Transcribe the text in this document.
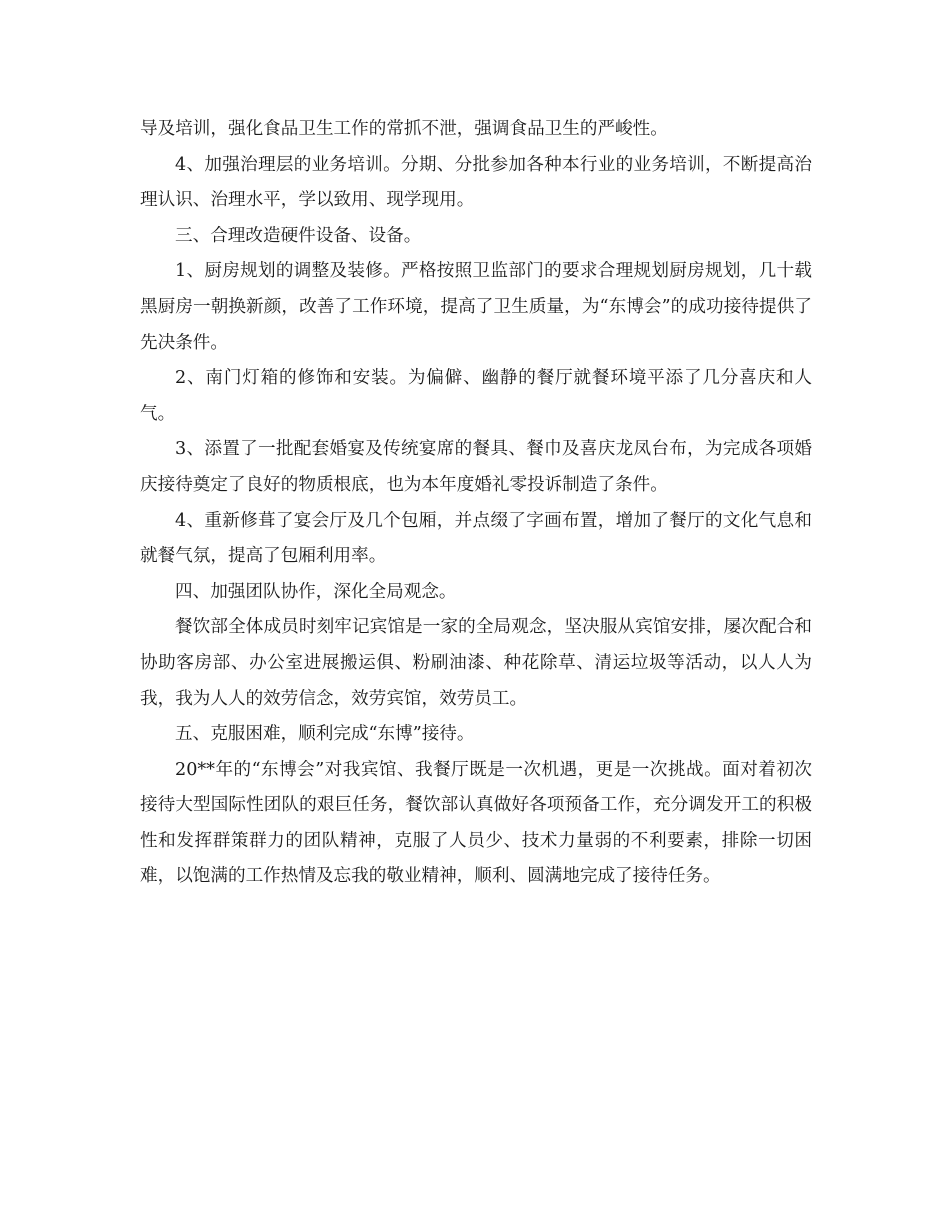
导及培训，强化食品卫生工作的常抓不泄，强调食品卫生的严峻性。

4、加强治理层的业务培训。分期、分批参加各种本行业的业务培训，不断提高治理认识、治理水平，学以致用、现学现用。

三、合理改造硬件设备、设备。

1、厨房规划的调整及装修。严格按照卫监部门的要求合理规划厨房规划，几十载黑厨房一朝换新颜，改善了工作环境，提高了卫生质量，为“东博会”的成功接待提供了先决条件。

2、南门灯箱的修饰和安装。为偏僻、幽静的餐厅就餐环境平添了几分喜庆和人气。

3、添置了一批配套婚宴及传统宴席的餐具、餐巾及喜庆龙凤台布，为完成各项婚庆接待奠定了良好的物质根底，也为本年度婚礼零投诉制造了条件。

4、重新修葺了宴会厅及几个包厢，并点缀了字画布置，增加了餐厅的文化气息和就餐气氛，提高了包厢利用率。

四、加强团队协作，深化全局观念。

餐饮部全体成员时刻牢记宾馆是一家的全局观念，坚决服从宾馆安排，屡次配合和协助客房部、办公室进展搬运俱、粉刷油漆、种花除草、清运垃圾等活动，以人人为我，我为人人的效劳信念，效劳宾馆，效劳员工。

五、克服困难，顺利完成“东博”接待。

20**年的“东博会”对我宾馆、我餐厅既是一次机遇，更是一次挑战。面对着初次接待大型国际性团队的艰巨任务，餐饮部认真做好各项预备工作，充分调发开工的积极性和发挥群策群力的团队精神，克服了人员少、技术力量弱的不利要素，排除一切困难，以饱满的工作热情及忘我的敬业精神，顺利、圆满地完成了接待任务。
